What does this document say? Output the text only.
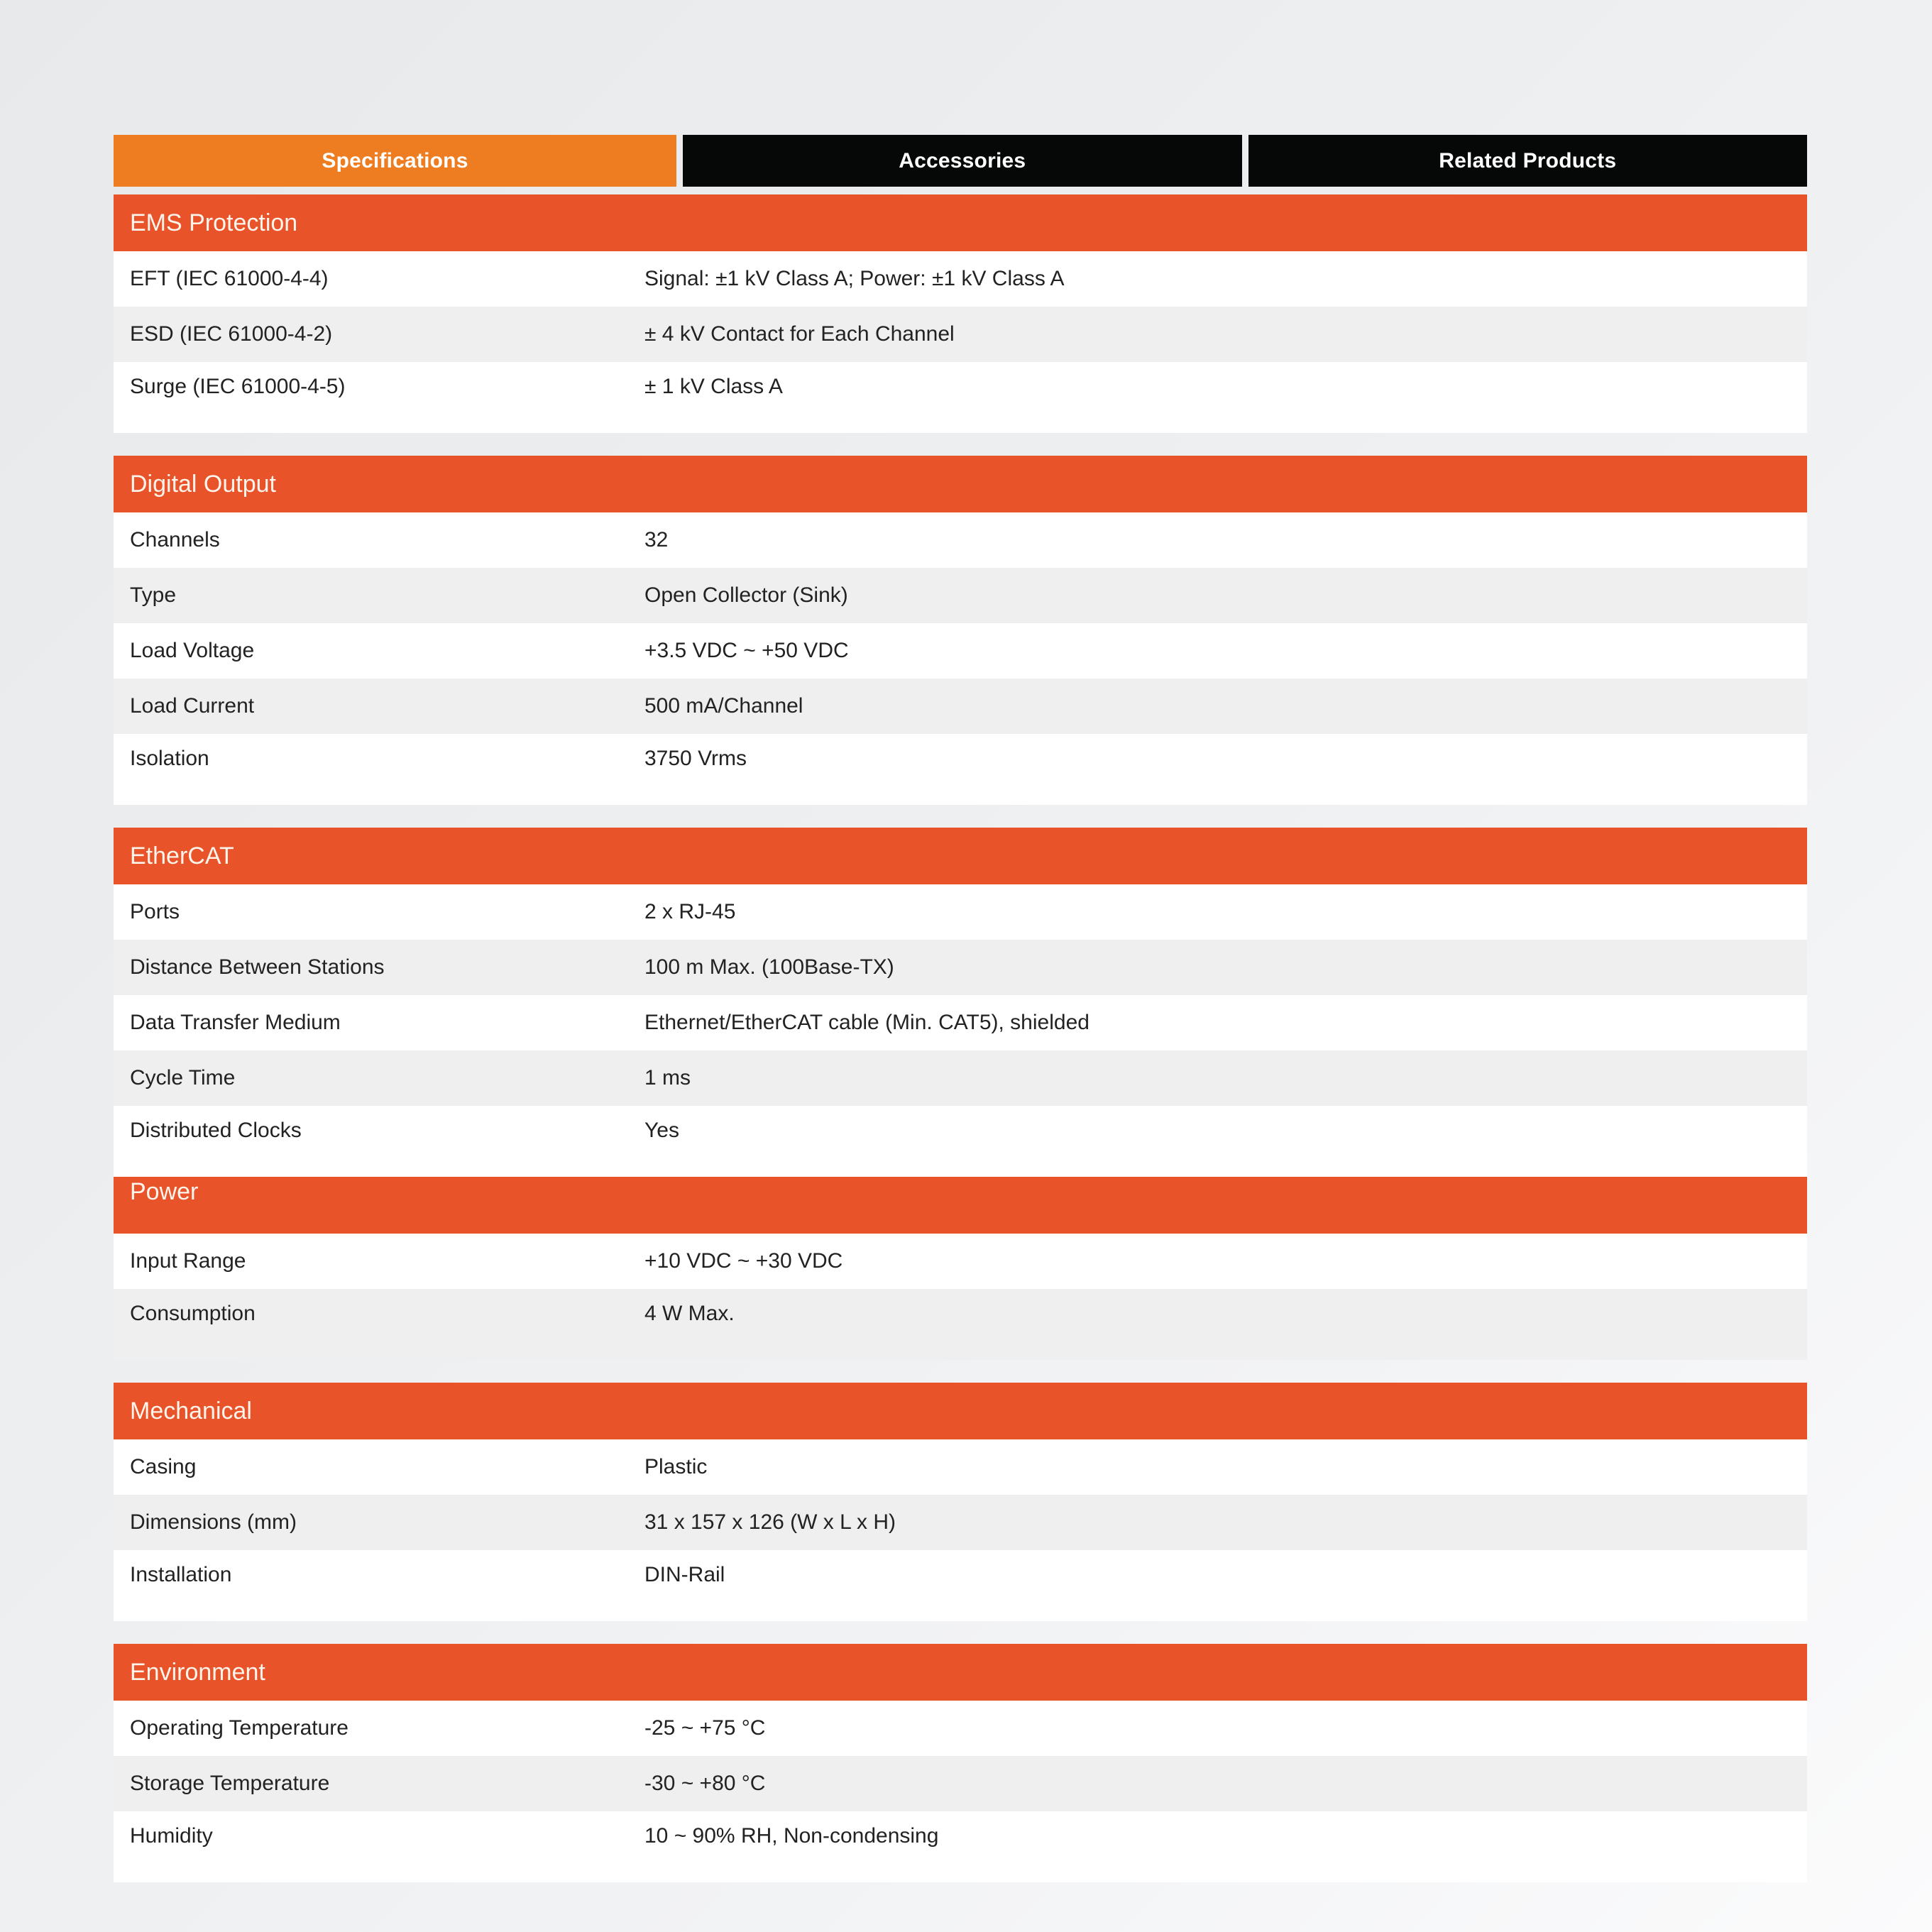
Specifications	Accessories	Related Products
EMS Protection
EFT (IEC 61000-4-4)	Signal: ±1 kV Class A; Power: ±1 kV Class A
ESD (IEC 61000-4-2)	± 4 kV Contact for Each Channel
Surge (IEC 61000-4-5)	± 1 kV Class A
Digital Output
Channels	32
Type	Open Collector (Sink)
Load Voltage	+3.5 VDC ~ +50 VDC
Load Current	500 mA/Channel
Isolation	3750 Vrms
EtherCAT
Ports	2 x RJ-45
Distance Between Stations	100 m Max. (100Base-TX)
Data Transfer Medium	Ethernet/EtherCAT cable (Min. CAT5), shielded
Cycle Time	1 ms
Distributed Clocks	Yes
Power
Input Range	+10 VDC ~ +30 VDC
Consumption	4 W Max.
Mechanical
Casing	Plastic
Dimensions (mm)	31 x 157 x 126 (W x L x H)
Installation	DIN-Rail
Environment
Operating Temperature	-25 ~ +75 °C
Storage Temperature	-30 ~ +80 °C
Humidity	10 ~ 90% RH, Non-condensing
